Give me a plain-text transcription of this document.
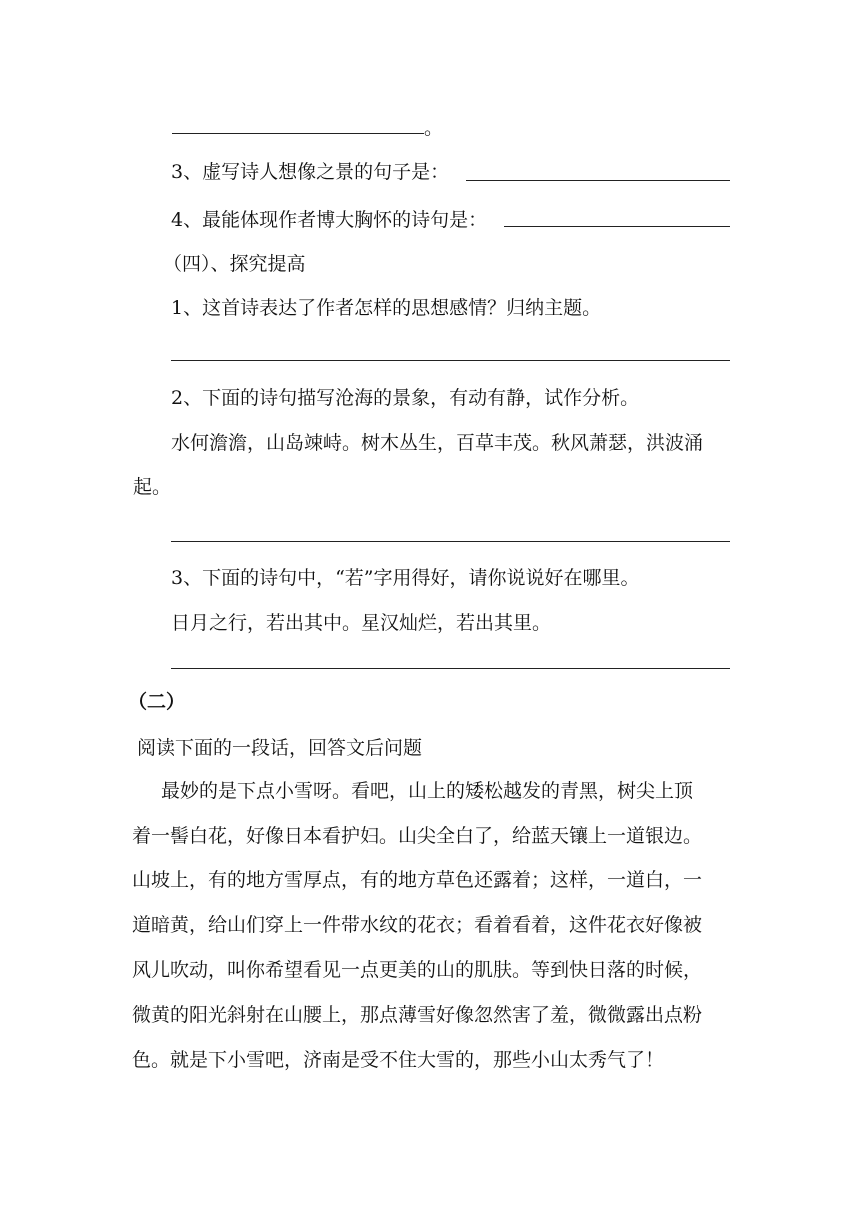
。
3、虚写诗人想像之景的句子是：
4、最能体现作者博大胸怀的诗句是：
（四）、探究提高
1、这首诗表达了作者怎样的思想感情？归纳主题。
2、下面的诗句描写沧海的景象，有动有静，试作分析。
水何澹澹，山岛竦峙。树木丛生，百草丰茂。秋风萧瑟，洪波涌
起。
3、下面的诗句中，“若”字用得好，请你说说好在哪里。
日月之行，若出其中。星汉灿烂，若出其里。
（二）
阅读下面的一段话，回答文后问题
最妙的是下点小雪呀。看吧，山上的矮松越发的青黑，树尖上顶
着一髻白花，好像日本看护妇。山尖全白了，给蓝天镶上一道银边。
山坡上，有的地方雪厚点，有的地方草色还露着；这样，一道白，一
道暗黄，给山们穿上一件带水纹的花衣；看着看着，这件花衣好像被
风儿吹动，叫你希望看见一点更美的山的肌肤。等到快日落的时候，
微黄的阳光斜射在山腰上，那点薄雪好像忽然害了羞，微微露出点粉
色。就是下小雪吧，济南是受不住大雪的，那些小山太秀气了！
